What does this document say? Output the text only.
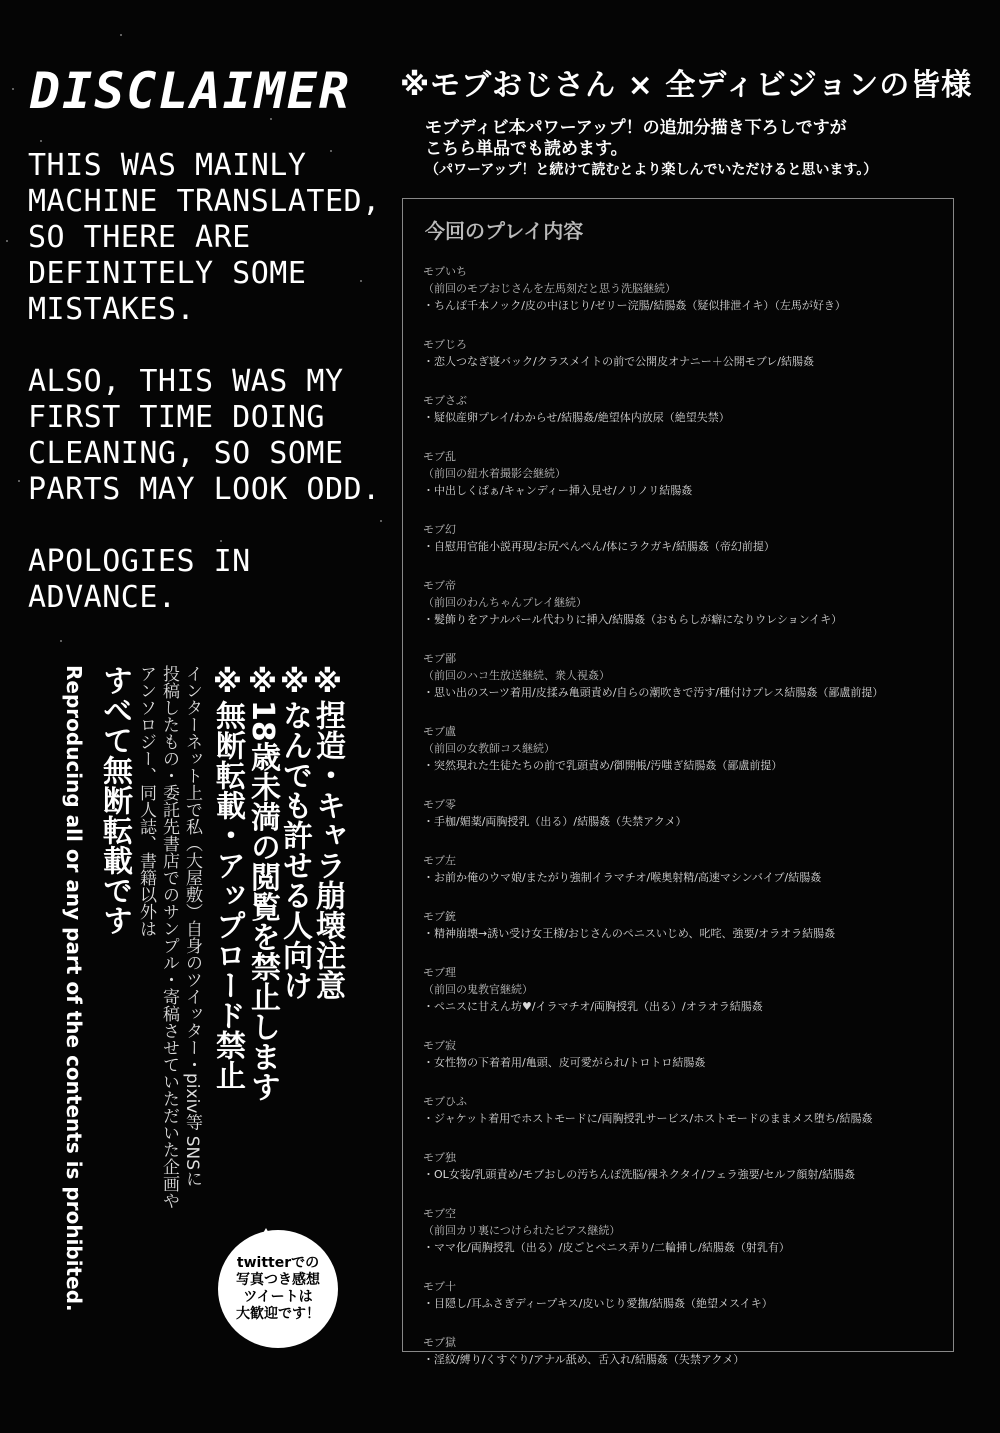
DISCLAIMER

THIS WAS MAINLY MACHINE TRANSLATED, SO THERE ARE DEFINITELY SOME MISTAKES.

ALSO, THIS WAS MY FIRST TIME DOING CLEANING, SO SOME PARTS MAY LOOK ODD.

APOLOGIES IN ADVANCE.

※捏造・キャラ崩壊注意
※なんでも許せる人向け
※18歳未満の閲覧を禁止します
※無断転載・アップロード禁止
インターネット上で私（大屋敷）自身のツイッター・pixiv等 SNSに
投稿したもの・委託先書店でのサンプル・寄稿させていただいた企画や
アンソロジー、同人誌、書籍以外は
すべて無断転載です
Reproducing all or any part of the contents is prohibited.	twitterでの
写真つき感想
ツイートは
大歓迎です！
※モブおじさん × 全ディビジョンの皆様
モブディビ本パワーアップ！の追加分描き下ろしですが
こちら単品でも読めます。
（パワーアップ！と続けて読むとより楽しんでいただけると思います。）
今回のプレイ内容
モブいち
（前回のモブおじさんを左馬刻だと思う洗脳継続）
・ちんぽ千本ノック/皮の中ほじり/ゼリー浣腸/結腸姦（疑似排泄イキ）（左馬が好き）
モブじろ
・恋人つなぎ寝バック/クラスメイトの前で公開皮オナニー＋公開モブレ/結腸姦
モブさぶ
・疑似産卵プレイ/わからせ/結腸姦/絶望体内放尿（絶望失禁）
モブ乱
（前回の紐水着撮影会継続）
・中出しくぱぁ/キャンディー挿入見せ/ノリノリ結腸姦
モブ幻
・自慰用官能小説再現/お尻ぺんぺん/体にラクガキ/結腸姦（帝幻前提）
モブ帝
（前回のわんちゃんプレイ継続）
・髪飾りをアナルパール代わりに挿入/結腸姦（おもらしが癖になりウレションイキ）
モブ鄙
（前回のハコ生放送継続、衆人視姦）
・思い出のスーツ着用/皮揉み亀頭責め/自らの潮吹きで汚す/種付けプレス結腸姦（鄙盧前提）
モブ盧
（前回の女教師コス継続）
・突然現れた生徒たちの前で乳頭責め/御開帳/汚嗤ぎ結腸姦（鄙盧前提）
モブ零
・手枷/媚薬/両胸授乳（出る）/結腸姦（失禁アクメ）
モブ左
・お前か俺のウマ娘/またがり強制イラマチオ/喉奥射精/高速マシンバイブ/結腸姦
モブ銃
・精神崩壊→誘い受け女王様/おじさんのペニスいじめ、叱咤、強要/オラオラ結腸姦
モブ理
（前回の鬼教官継続）
・ペニスに甘えん坊♥/イラマチオ/両胸授乳（出る）/オラオラ結腸姦
モブ寂
・女性物の下着着用/亀頭、皮可愛がられ/トロトロ結腸姦
モブひふ
・ジャケット着用でホストモードに/両胸授乳サービス/ホストモードのままメス堕ち/結腸姦
モブ独
・OL女装/乳頭責め/モブおしの汚ちんぽ洗脳/裸ネクタイ/フェラ強要/セルフ顔射/結腸姦
モブ空
（前回カリ裏につけられたピアス継続）
・ママ化/両胸授乳（出る）/皮ごとペニス弄り/二輪挿し/結腸姦（射乳有）
モブ十
・目隠し/耳ふさぎディープキス/皮いじり愛撫/結腸姦（絶望メスイキ）
モブ獄
・淫紋/縛り/くすぐり/アナル舐め、舌入れ/結腸姦（失禁アクメ）
